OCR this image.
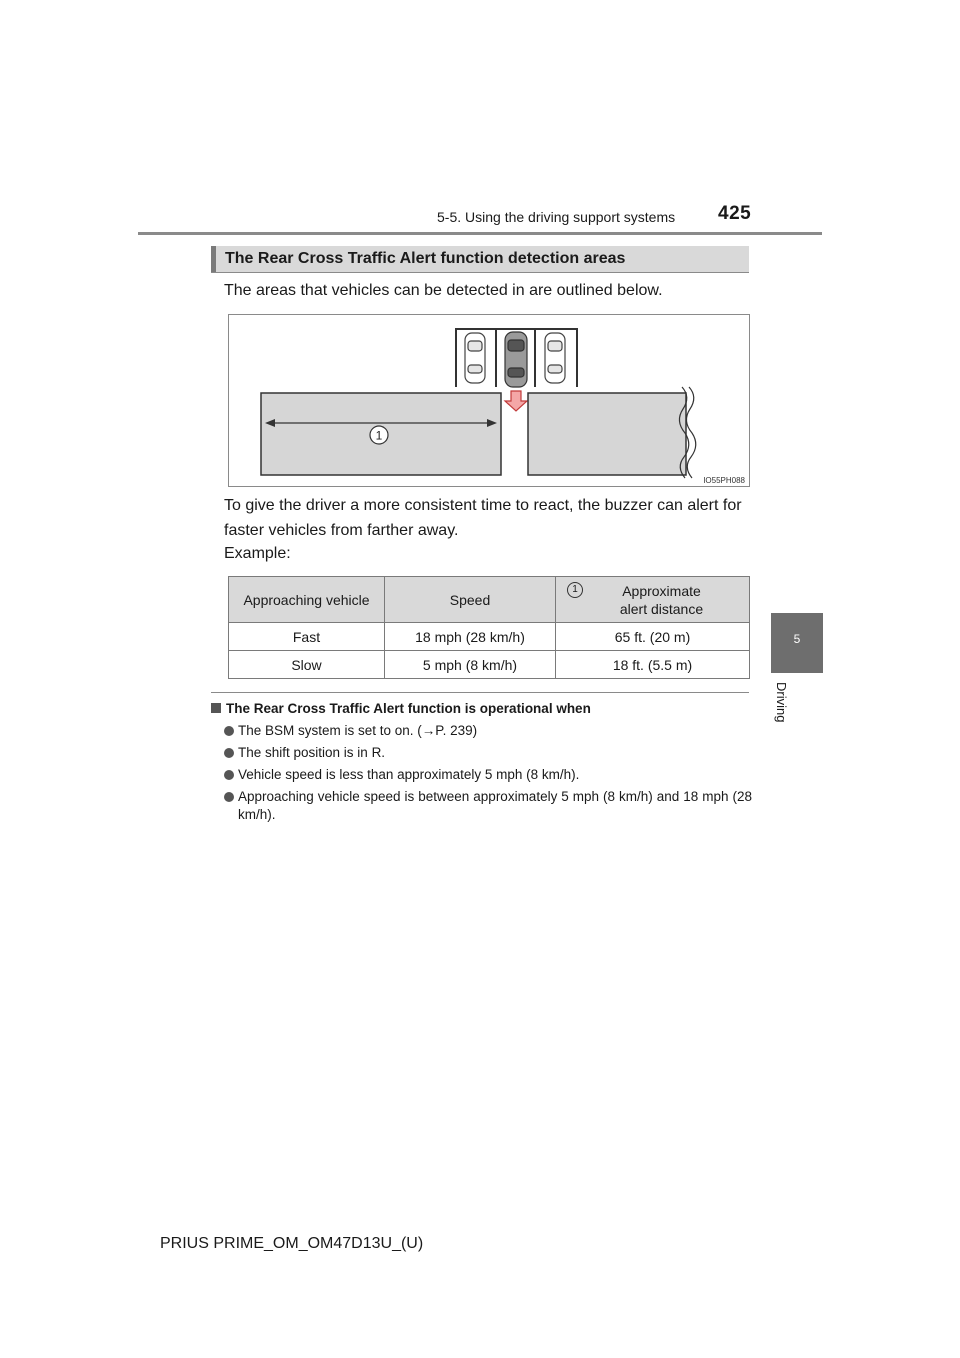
5-5. Using the driving support systems 425
5
Driving
The Rear Cross Traffic Alert function detection areas
The areas that vehicles can be detected in are outlined below.
1
IO55PH088
To give the driver a more consistent time to react, the buzzer can alert for faster vehicles from farther away.
Example:
Approaching vehicle	Speed	1 Approximate alert distance
Fast	18 mph (28 km/h)	65 ft. (20 m)
Slow	5 mph (8 km/h)	18 ft. (5.5 m)
The Rear Cross Traffic Alert function is operational when
The BSM system is set to on. (→P. 239)
The shift position is in R.
Vehicle speed is less than approximately 5 mph (8 km/h).
Approaching vehicle speed is between approximately 5 mph (8 km/h) and 18 mph (28 km/h).
PRIUS PRIME_OM_OM47D13U_(U)
